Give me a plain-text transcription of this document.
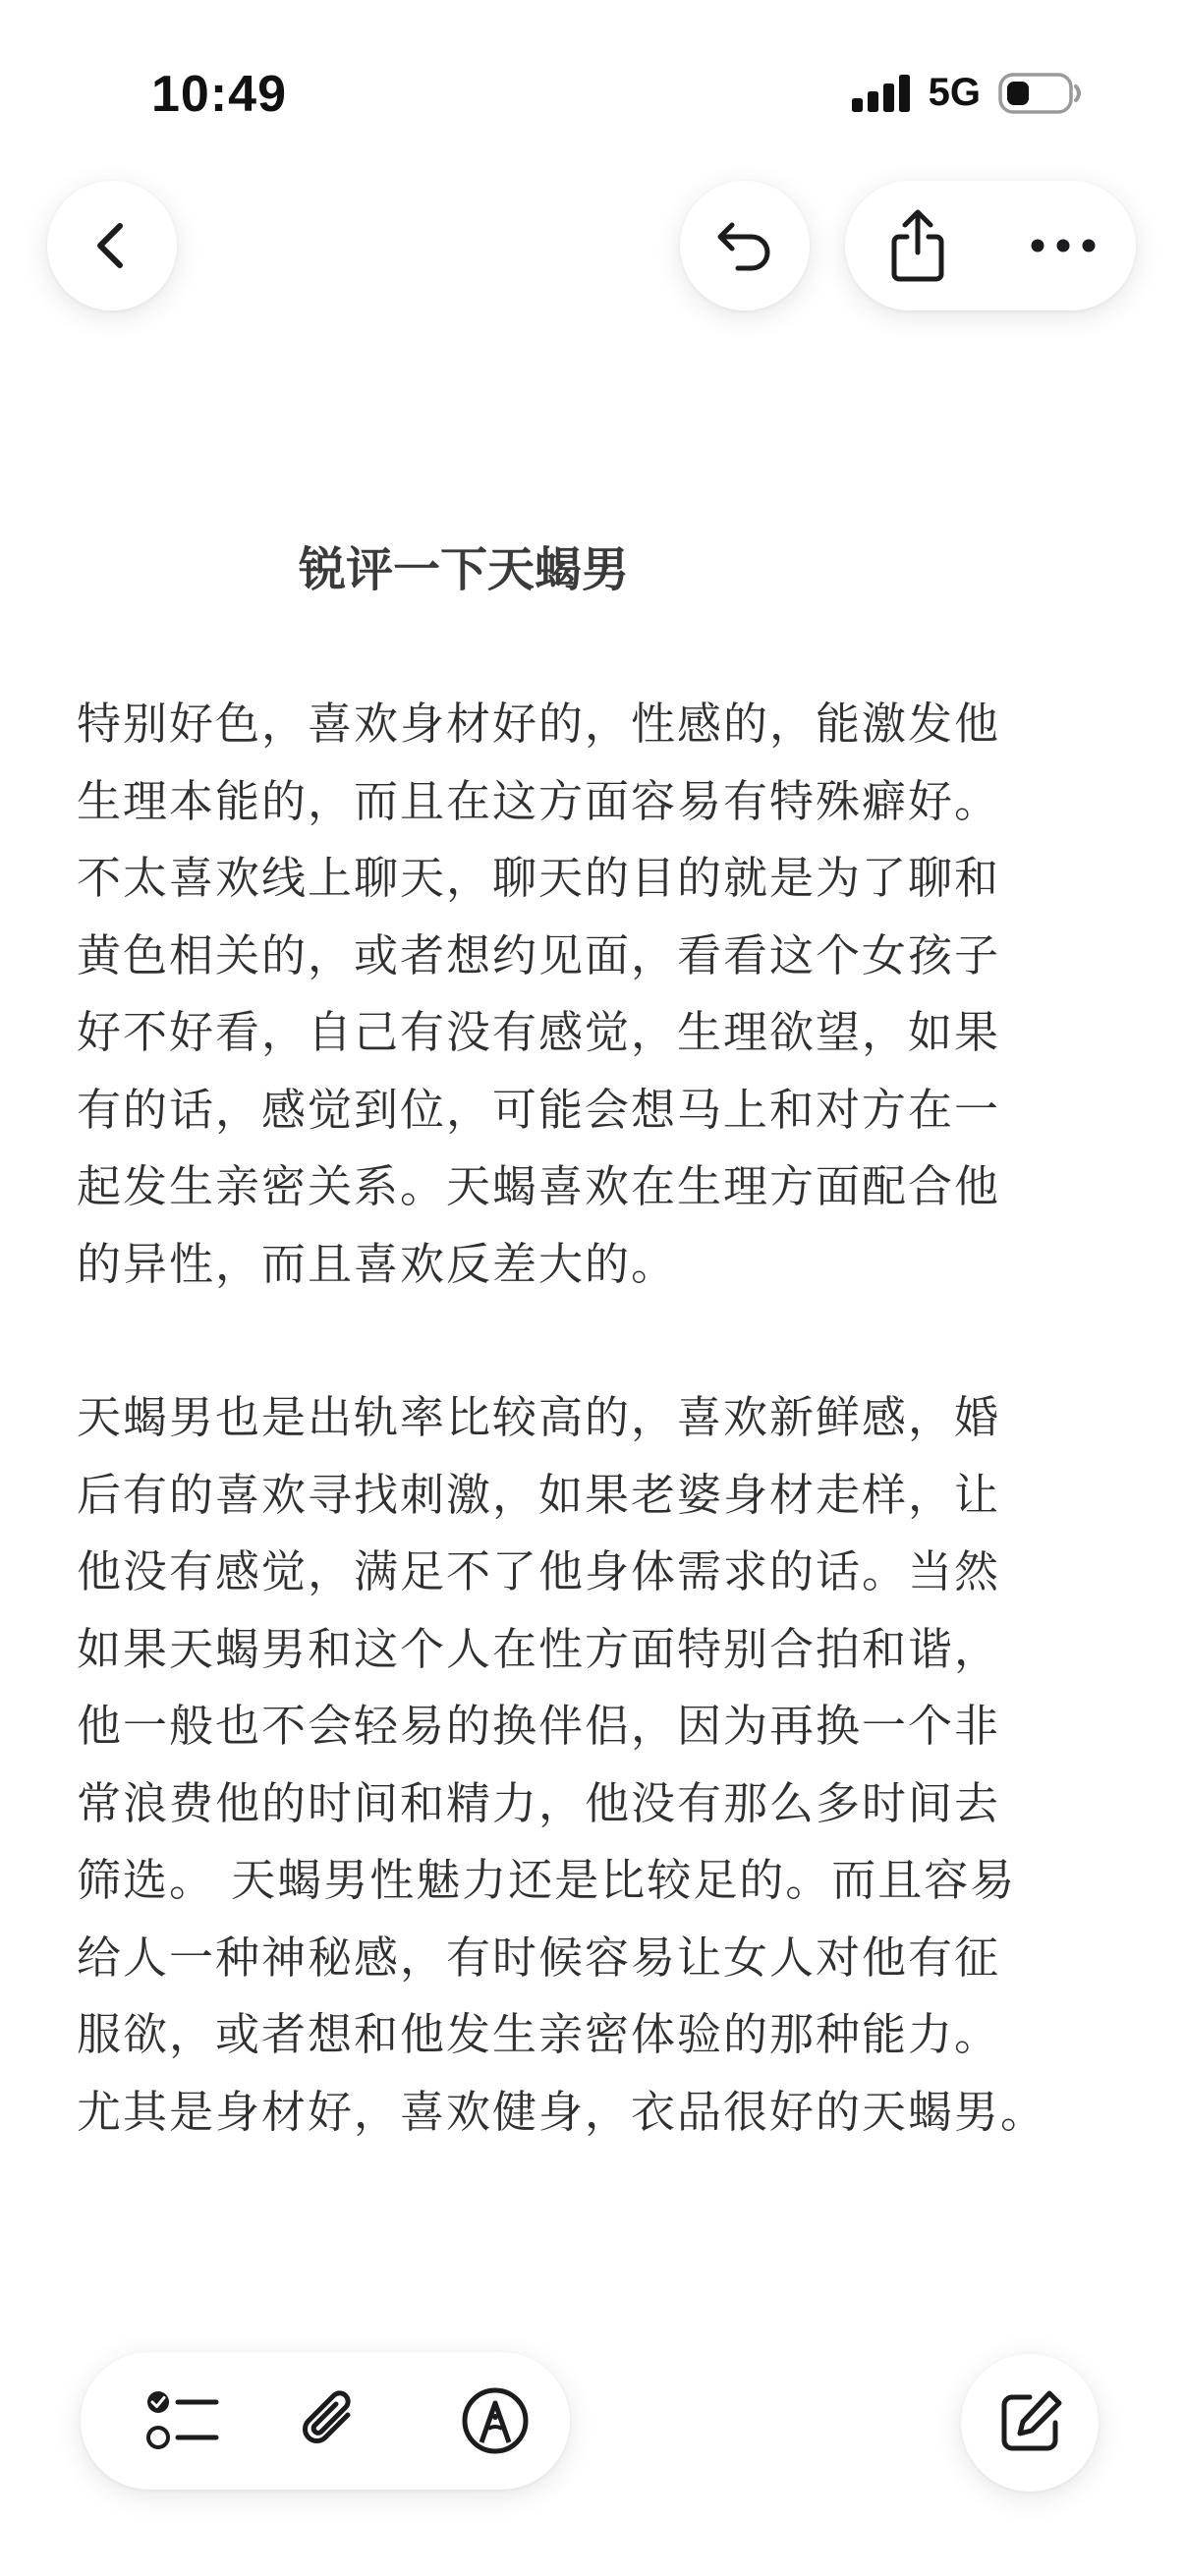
10:49	5G
锐评一下天蝎男
特别好色，喜欢身材好的，性感的，能激发他
生理本能的，而且在这方面容易有特殊癖好。
不太喜欢线上聊天，聊天的目的就是为了聊和
黄色相关的，或者想约见面，看看这个女孩子
好不好看，自己有没有感觉，生理欲望，如果
有的话，感觉到位，可能会想马上和对方在一
起发生亲密关系。天蝎喜欢在生理方面配合他
的异性，而且喜欢反差大的。
天蝎男也是出轨率比较高的，喜欢新鲜感，婚
后有的喜欢寻找刺激，如果老婆身材走样，让
他没有感觉，满足不了他身体需求的话。当然
如果天蝎男和这个人在性方面特别合拍和谐，
他一般也不会轻易的换伴侣，因为再换一个非
常浪费他的时间和精力，他没有那么多时间去
筛选。 天蝎男性魅力还是比较足的。而且容易
给人一种神秘感，有时候容易让女人对他有征
服欲，或者想和他发生亲密体验的那种能力。
尤其是身材好，喜欢健身，衣品很好的天蝎男。
